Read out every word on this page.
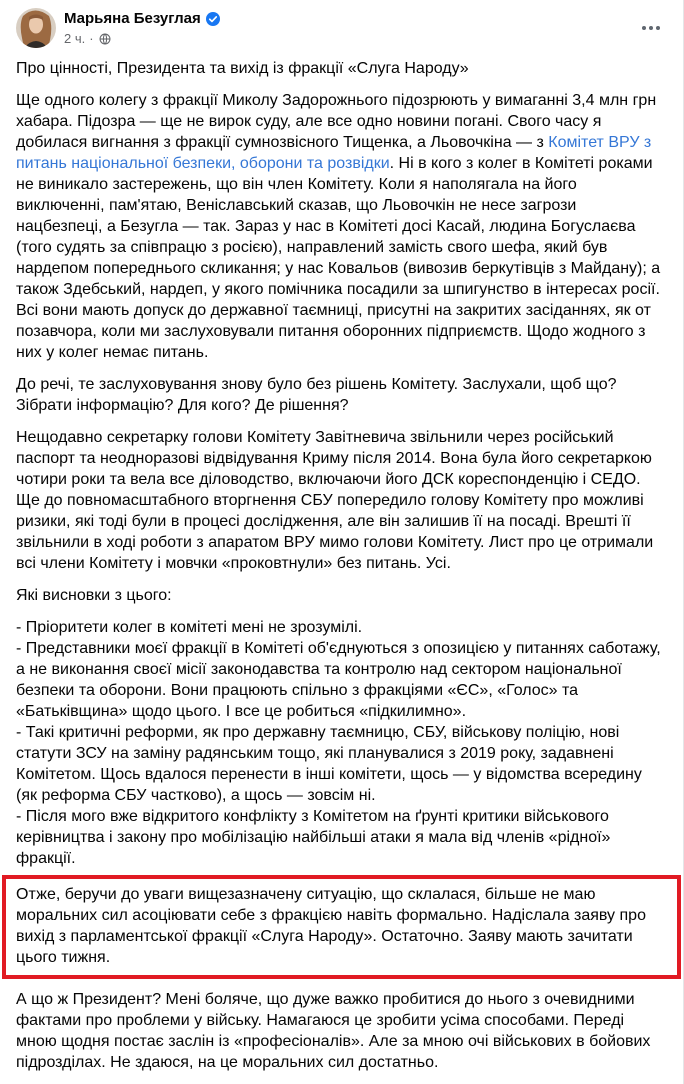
Марьяна Безуглая
2 ч. ·

Про цінності, Президента та вихід із фракції «Слуга Народу»

Ще одного колегу з фракції Миколу Задорожнього підозрюють у вимаганні 3,4 млн грн хабара. Підозра — ще не вирок суду, але все одно новини погані. Свого часу я добилася вигнання з фракції сумнозвісного Тищенка, а Льовочкіна — з Комітет ВРУ з питань національної безпеки, оборони та розвідки. Ні в кого з колег в Комітеті роками не виникало застережень, що він член Комітету. Коли я наполягала на його виключенні, пам'ятаю, Веніславський сказав, що Льовочкін не несе загрози нацбезпеці, а Безугла — так. Зараз у нас в Комітеті досі Касай, людина Богуслаєва (того судять за співпрацю з росією), направлений замість свого шефа, який був нардепом попереднього скликання; у нас Ковальов (вивозив беркутівців з Майдану); а також Здебський, нардеп, у якого помічника посадили за шпигунство в інтересах росії. Всі вони мають допуск до державної таємниці, присутні на закритих засіданнях, як от позавчора, коли ми заслуховували питання оборонних підприємств. Щодо жодного з них у колег немає питань.

До речі, те заслуховування знову було без рішень Комітету. Заслухали, щоб що? Зібрати інформацію? Для кого? Де рішення?

Нещодавно секретарку голови Комітету Завітневича звільнили через російський паспорт та неодноразові відвідування Криму після 2014. Вона була його секретаркою чотири роки та вела все діловодство, включаючи його ДСК кореспонденцію і СЕДО. Ще до повномасштабного вторгнення СБУ попередило голову Комітету про можливі ризики, які тоді були в процесі дослідження, але він залишив її на посаді. Врешті її звільнили в ході роботи з апаратом ВРУ мимо голови Комітету. Лист про це отримали всі члени Комітету і мовчки «проковтнули» без питань. Усі.

Які висновки з цього:

- Пріоритети колег в комітеті мені не зрозумілі.
- Представники моєї фракції в Комітеті об'єднуються з опозицією у питаннях саботажу, а не виконання своєї місії законодавства та контролю над сектором національної безпеки та оборони. Вони працюють спільно з фракціями «ЄС», «Голос» та «Батьківщина» щодо цього. І все це робиться «підкилимно».
- Такі критичні реформи, як про державну таємницю, СБУ, військову поліцію, нові статути ЗСУ на заміну радянським тощо, які планувалися з 2019 року, задавнені Комітетом. Щось вдалося перенести в інші комітети, щось — у відомства всередину (як реформа СБУ частково), а щось — зовсім ні.
- Після мого вже відкритого конфлікту з Комітетом на ґрунті критики військового керівництва і закону про мобілізацію найбільші атаки я мала від членів «рідної» фракції.

Отже, беручи до уваги вищезазначену ситуацію, що склалася, більше не маю моральних сил асоціювати себе з фракцією навіть формально. Надіслала заяву про вихід з парламентської фракції «Слуга Народу». Остаточно. Заяву мають зачитати цього тижня.

А що ж Президент? Мені боляче, що дуже важко пробитися до нього з очевидними фактами про проблеми у війську. Намагаюся це зробити усіма способами. Переді мною щодня постає заслін із «професіоналів». Але за мною очі військових в бойових підрозділах. Не здаюся, на це моральних сил достатньо.
